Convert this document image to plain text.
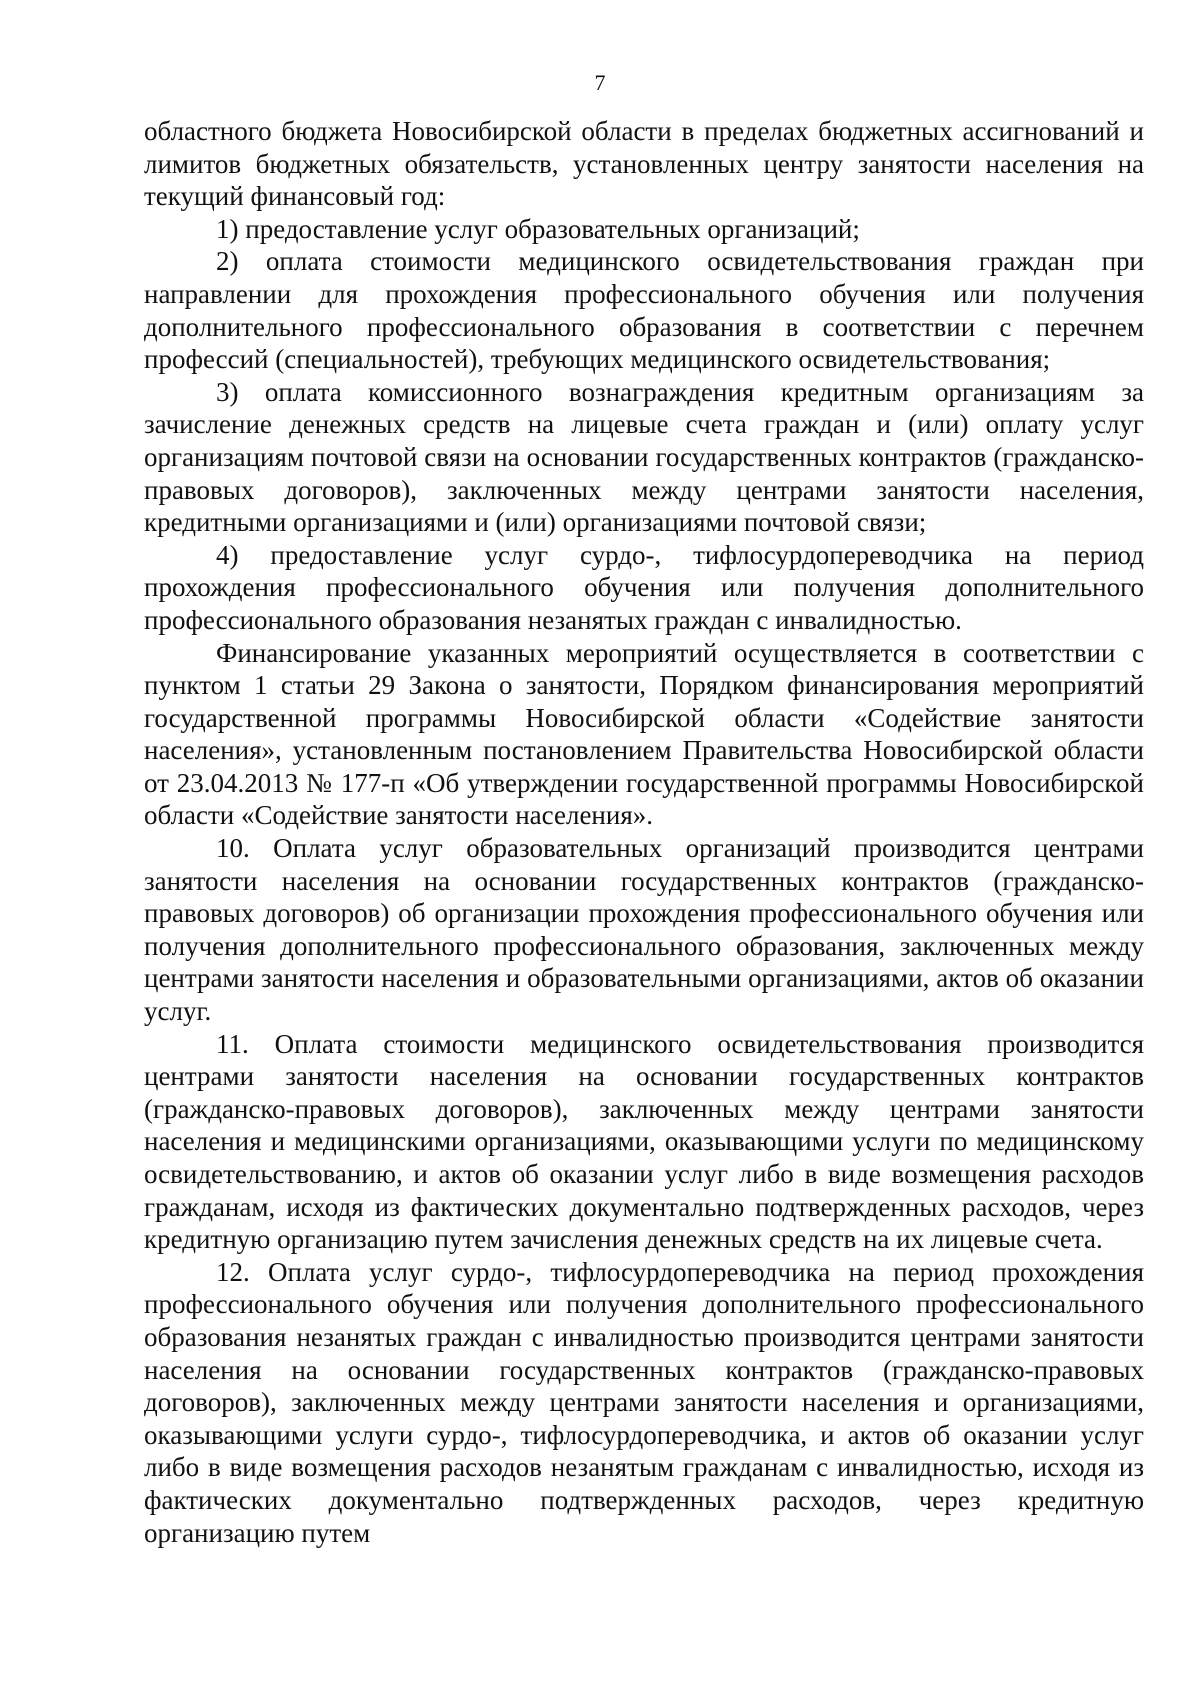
7

областного бюджета Новосибирской области в пределах бюджетных ассигнований и лимитов бюджетных обязательств, установленных центру занятости населения на текущий финансовый год:

1) предоставление услуг образовательных организаций;

2) оплата стоимости медицинского освидетельствования граждан при направлении для прохождения профессионального обучения или получения дополнительного профессионального образования в соответствии с перечнем профессий (специальностей), требующих медицинского освидетельствования;

3) оплата комиссионного вознаграждения кредитным организациям за зачисление денежных средств на лицевые счета граждан и (или) оплату услуг организациям почтовой связи на основании государственных контрактов (гражданско-правовых договоров), заключенных между центрами занятости населения, кредитными организациями и (или) организациями почтовой связи;

4) предоставление услуг сурдо-, тифлосурдопереводчика на период прохождения профессионального обучения или получения дополнительного профессионального образования незанятых граждан с инвалидностью.

Финансирование указанных мероприятий осуществляется в соответствии с пунктом 1 статьи 29 Закона о занятости, Порядком финансирования мероприятий государственной программы Новосибирской области «Содействие занятости населения», установленным постановлением Правительства Новосибирской области от 23.04.2013 № 177-п «Об утверждении государственной программы Новосибирской области «Содействие занятости населения».

10. Оплата услуг образовательных организаций производится центрами занятости населения на основании государственных контрактов (гражданско-правовых договоров) об организации прохождения профессионального обучения или получения дополнительного профессионального образования, заключенных между центрами занятости населения и образовательными организациями, актов об оказании услуг.

11. Оплата стоимости медицинского освидетельствования производится центрами занятости населения на основании государственных контрактов (гражданско-правовых договоров), заключенных между центрами занятости населения и медицинскими организациями, оказывающими услуги по медицинскому освидетельствованию, и актов об оказании услуг либо в виде возмещения расходов гражданам, исходя из фактических документально подтвержденных расходов, через кредитную организацию путем зачисления денежных средств на их лицевые счета.

12. Оплата услуг сурдо-, тифлосурдопереводчика на период прохождения профессионального обучения или получения дополнительного профессионального образования незанятых граждан с инвалидностью производится центрами занятости населения на основании государственных контрактов (гражданско-правовых договоров), заключенных между центрами занятости населения и организациями, оказывающими услуги сурдо-, тифлосурдопереводчика, и актов об оказании услуг либо в виде возмещения расходов незанятым гражданам с инвалидностью, исходя из фактических документально подтвержденных расходов, через кредитную организацию путем
